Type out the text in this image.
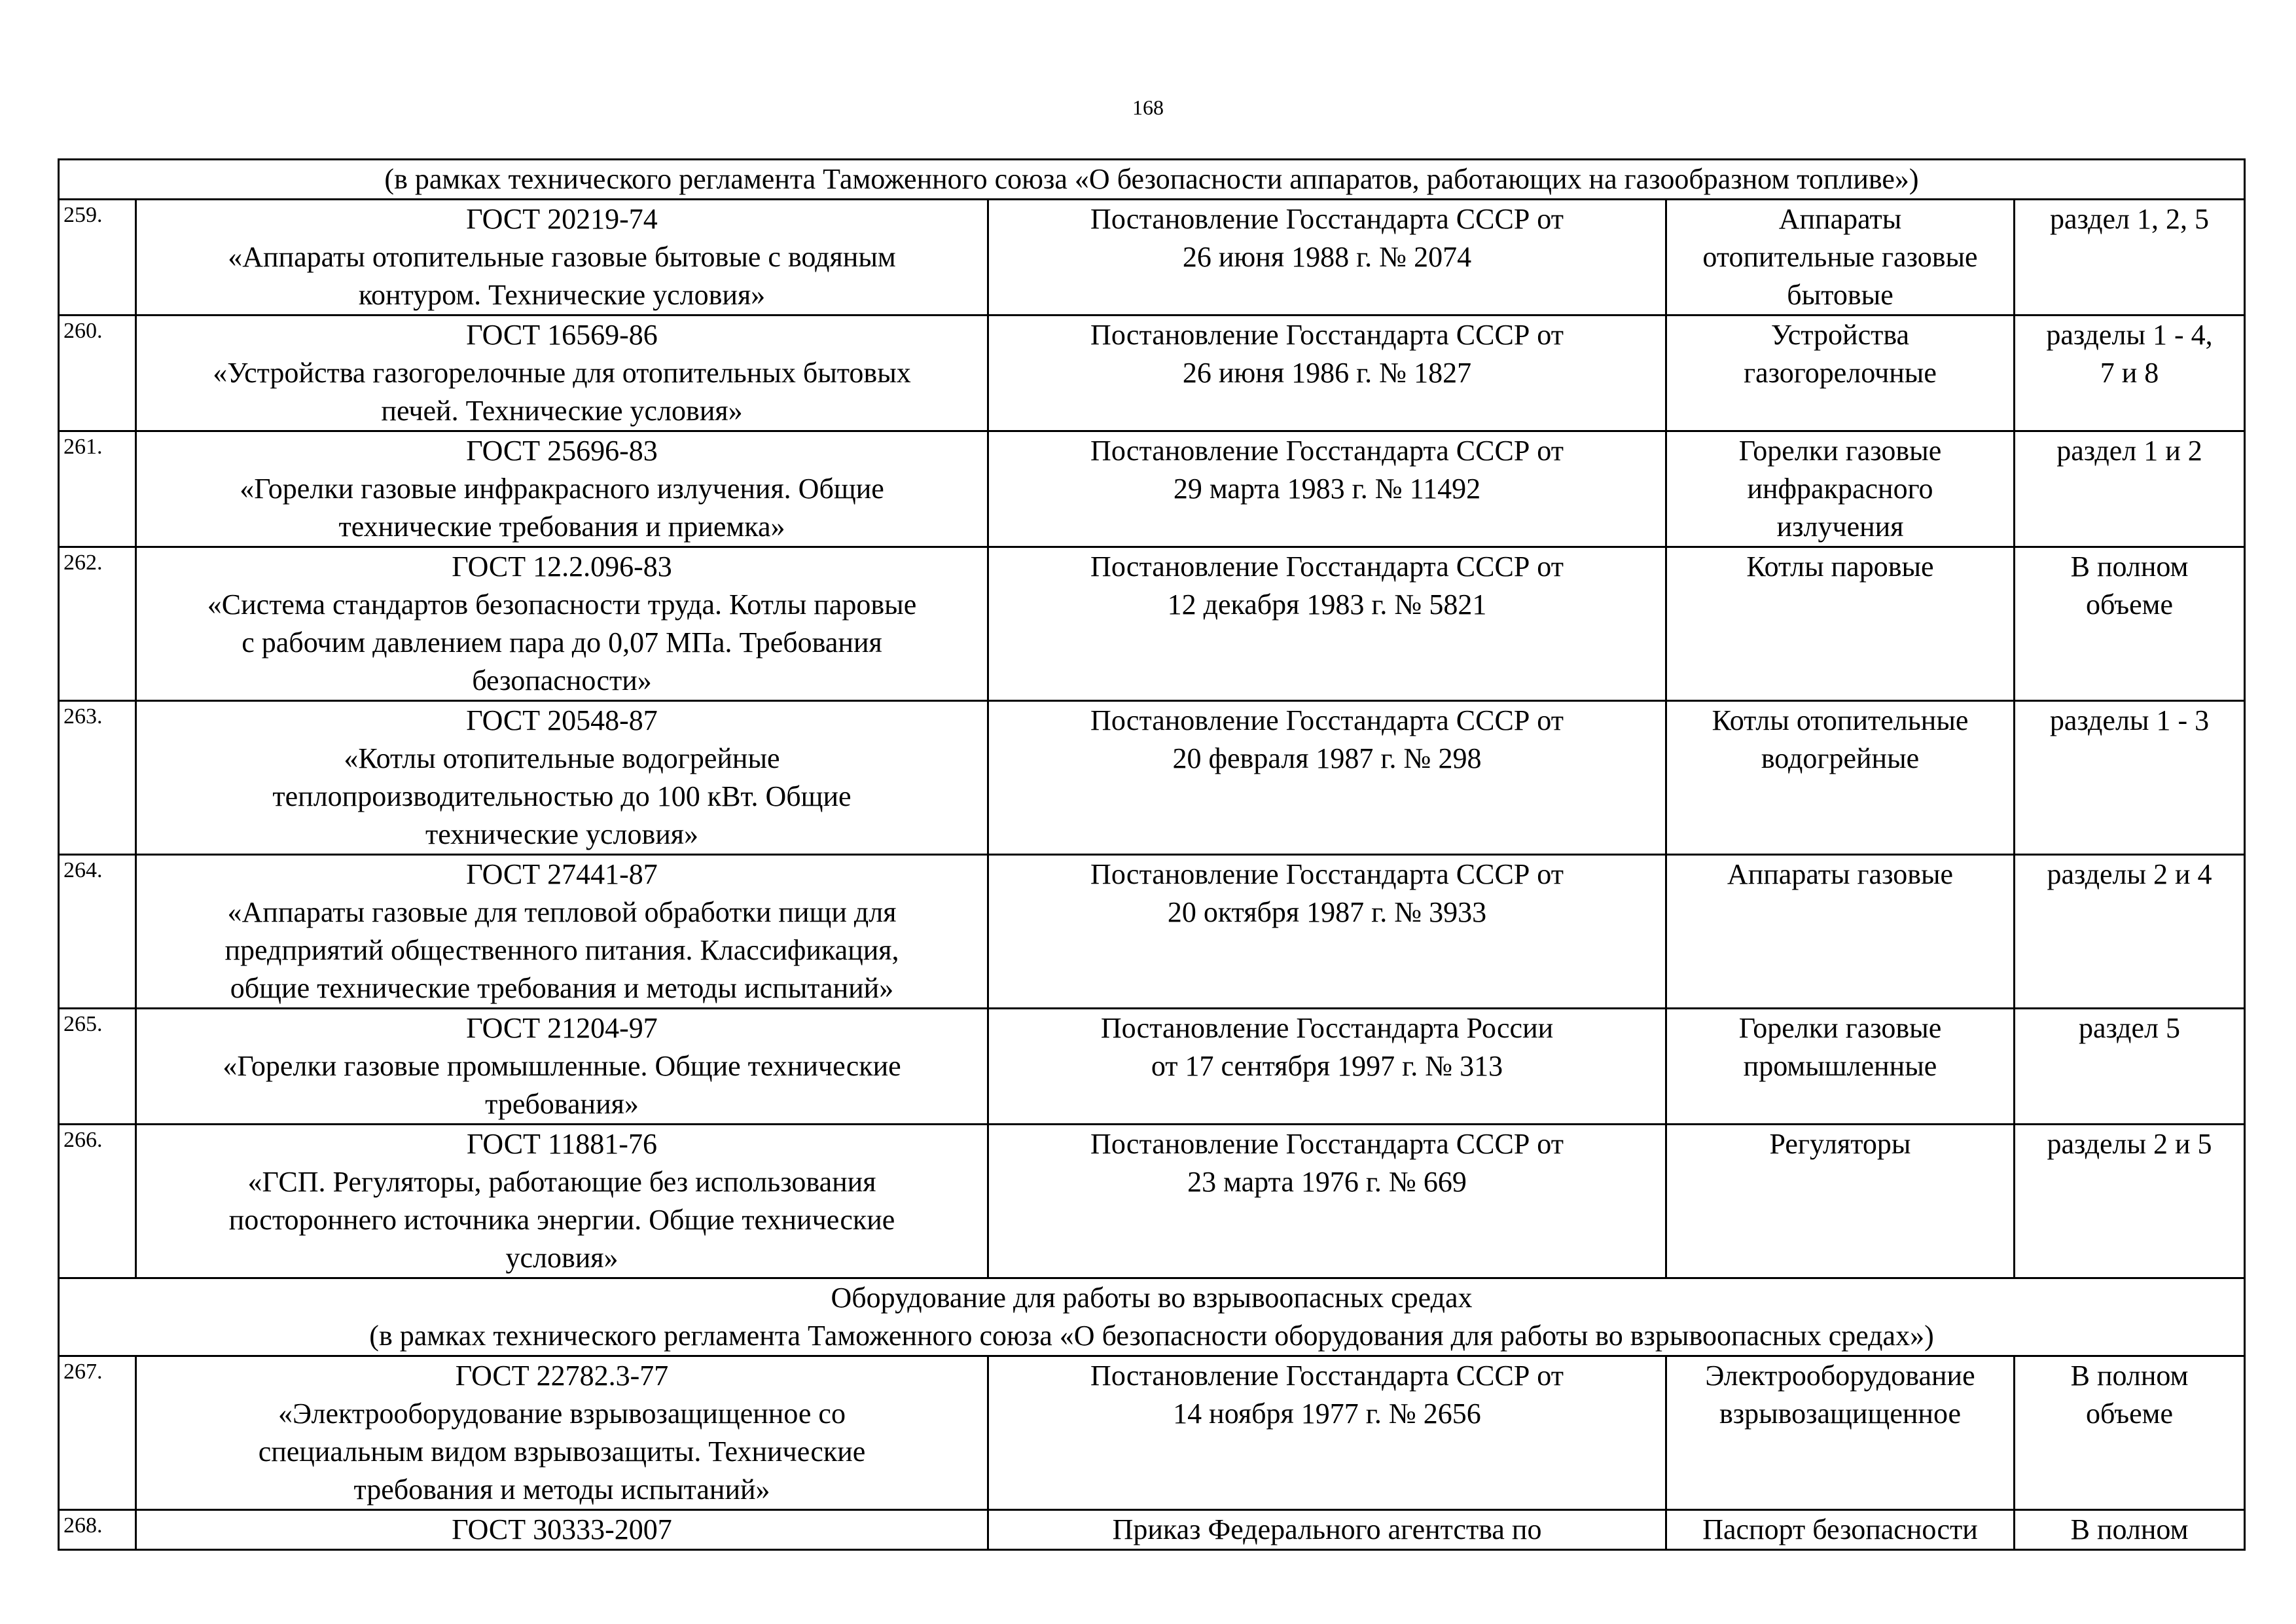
168
(в рамках технического регламента Таможенного союза «О безопасности аппаратов, работающих на газообразном топливе»)				

259.	ГОСТ 20219-74
«Аппараты отопительные газовые бытовые с водяным
контуром. Технические условия»	Постановление Госстандарта СССР от
26 июня 1988 г. № 2074	Аппараты
отопительные газовые
бытовые	раздел 1, 2, 5

260.	ГОСТ 16569-86
«Устройства газогорелочные для отопительных бытовых
печей. Технические условия»	Постановление Госстандарта СССР от
26 июня 1986 г. № 1827	Устройства
газогорелочные	разделы 1 - 4,
7 и 8

261.	ГОСТ 25696-83
«Горелки газовые инфракрасного излучения. Общие
технические требования и приемка»	Постановление Госстандарта СССР от
29 марта 1983 г. № 11492	Горелки газовые
инфракрасного
излучения	раздел 1 и 2

262.	ГОСТ 12.2.096-83
«Система стандартов безопасности труда. Котлы паровые
с рабочим давлением пара до 0,07 МПа. Требования
безопасности»	Постановление Госстандарта СССР от
12 декабря 1983 г. № 5821	Котлы паровые	В полном
объеме

263.	ГОСТ 20548-87
«Котлы отопительные водогрейные
теплопроизводительностью до 100 кВт. Общие
технические условия»	Постановление Госстандарта СССР от
20 февраля 1987 г. № 298	Котлы отопительные
водогрейные	разделы 1 - 3

264.	ГОСТ 27441-87
«Аппараты газовые для тепловой обработки пищи для
предприятий общественного питания. Классификация,
общие технические требования и методы испытаний»	Постановление Госстандарта СССР от
20 октября 1987 г. № 3933	Аппараты газовые	разделы 2 и 4

265.	ГОСТ 21204-97
«Горелки газовые промышленные. Общие технические
требования»	Постановление Госстандарта России
от 17 сентября 1997 г. № 313	Горелки газовые
промышленные	раздел 5

266.	ГОСТ 11881-76
«ГСП. Регуляторы, работающие без использования
постороннего источника энергии. Общие технические
условия»	Постановление Госстандарта СССР от
23 марта 1976 г. № 669	Регуляторы	разделы 2 и 5

Оборудование для работы во взрывоопасных средах
(в рамках технического регламента Таможенного союза «О безопасности оборудования для работы во взрывоопасных средах»)				

267.	ГОСТ 22782.3-77
«Электрооборудование взрывозащищенное со
специальным видом взрывозащиты. Технические
требования и методы испытаний»	Постановление Госстандарта СССР от
14 ноября 1977 г. № 2656	Электрооборудование
взрывозащищенное	В полном
объеме

268.	ГОСТ 30333-2007	Приказ Федерального агентства по	Паспорт безопасности	В полном
